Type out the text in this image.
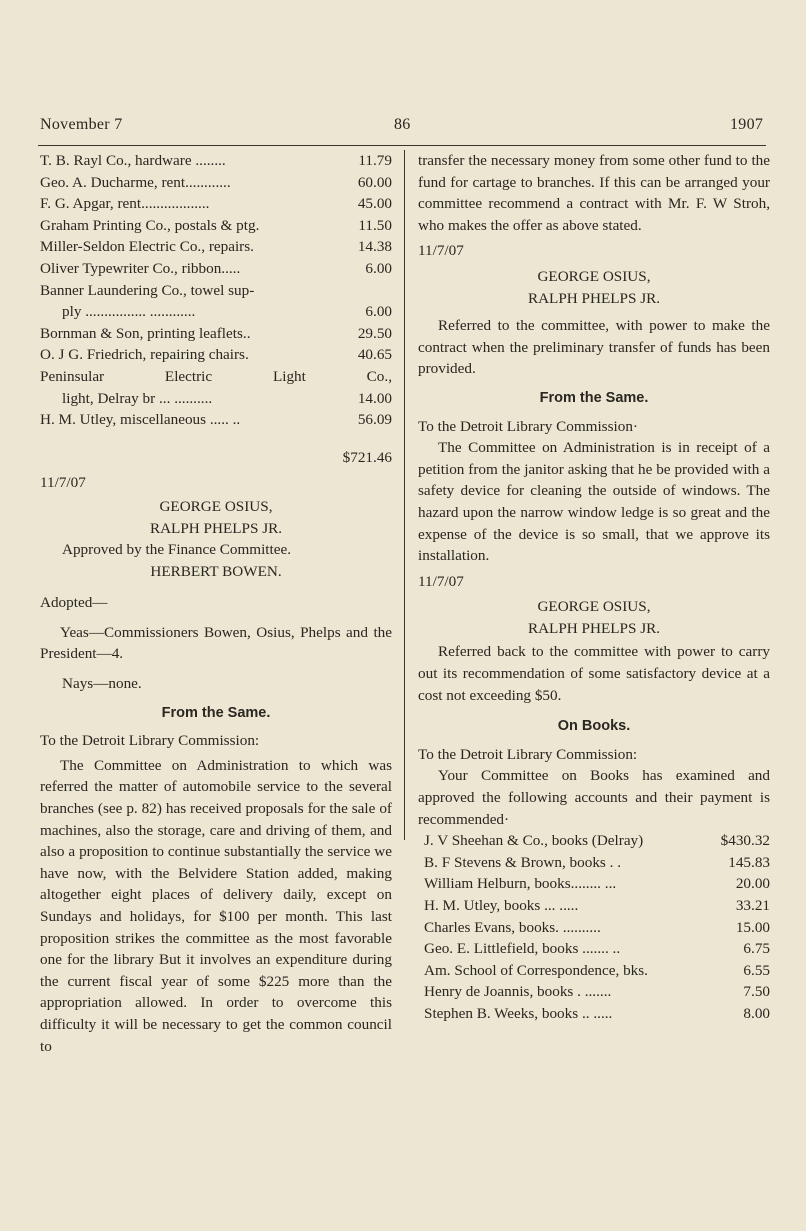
November 7	86	1907
T. B. Rayl Co., hardware ........	11.79
Geo. A. Ducharme, rent............	60.00
F. G. Apgar, rent..................	45.00
Graham Printing Co., postals & ptg.	11.50
Miller-Seldon Electric Co., repairs.	14.38
Oliver Typewriter Co., ribbon.....	6.00
Banner Laundering Co., towel sup-
ply ................ ............	6.00
Bornman & Son, printing leaflets..	29.50
O. J G. Friedrich, repairing chairs.	40.65
Peninsular Electric Light Co.,
light, Delray br ... ..........	14.00
H. M. Utley, miscellaneous ..... ..	56.09
$721.46
11/7/07
GEORGE OSIUS,
RALPH PHELPS JR.
Approved by the Finance Committee.
HERBERT BOWEN.
Adopted—
Yeas—Commissioners Bowen, Osius, Phelps and the President—4.
Nays—none.
From the Same.
To the Detroit Library Commission:
The Committee on Administration to which was referred the matter of automobile service to the several branches (see p. 82) has received proposals for the sale of machines, also the storage, care and driving of them, and also a proposition to continue substantially the service we have now, with the Belvidere Station added, making altogether eight places of delivery daily, except on Sundays and holidays, for $100 per month. This last proposition strikes the committee as the most favorable one for the library But it involves an expenditure during the current fiscal year of some $225 more than the appropriation allowed. In order to overcome this difficulty it will be necessary to get the common council to
transfer the necessary money from some other fund to the fund for cartage to branches. If this can be arranged your committee recommend a contract with Mr. F. W Stroh, who makes the offer as above stated.
11/7/07
GEORGE OSIUS,
RALPH PHELPS JR.
Referred to the committee, with power to make the contract when the preliminary transfer of funds has been provided.
From the Same.
To the Detroit Library Commission·
The Committee on Administration is in receipt of a petition from the janitor asking that he be provided with a safety device for cleaning the outside of windows. The hazard upon the narrow window ledge is so great and the expense of the device is so small, that we approve its installation.
11/7/07
GEORGE OSIUS,
RALPH PHELPS JR.
Referred back to the committee with power to carry out its recommendation of some satisfactory device at a cost not exceeding $50.
On Books.
To the Detroit Library Commission:
Your Committee on Books has examined and approved the following accounts and their payment is recommended·
J. V Sheehan & Co., books (Delray)	$430.32
B. F Stevens & Brown, books . .	145.83
William Helburn, books........ ...	20.00
H. M. Utley, books ... .....	33.21
Charles Evans, books. ..........	15.00
Geo. E. Littlefield, books ....... ..	6.75
Am. School of Correspondence, bks.	6.55
Henry de Joannis, books . .......	7.50
Stephen B. Weeks, books .. .....	8.00
